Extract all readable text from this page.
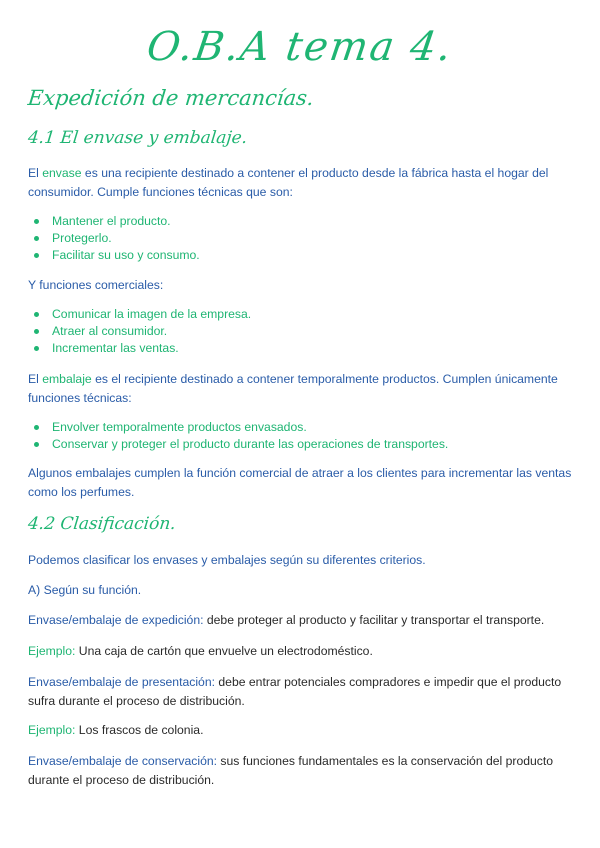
O.B.A tema 4.
Expedición de mercancías.
4.1 El envase y embalaje.
El envase es una recipiente destinado a contener el producto desde la fábrica hasta el hogar del consumidor. Cumple funciones técnicas que son:
Mantener el producto.
Protegerlo.
Facilitar su uso y consumo.
Y funciones comerciales:
Comunicar la imagen de la empresa.
Atraer al consumidor.
Incrementar las ventas.
El embalaje es el recipiente destinado a contener temporalmente productos. Cumplen únicamente funciones técnicas:
Envolver temporalmente productos envasados.
Conservar y proteger el producto durante las operaciones de transportes.
Algunos embalajes cumplen la función comercial de atraer a los clientes para incrementar las ventas como los perfumes.
4.2 Clasificación.
Podemos clasificar los envases y embalajes según su diferentes criterios.
A) Según su función.
Envase/embalaje de expedición: debe proteger al producto y facilitar y transportar el transporte.
Ejemplo: Una caja de cartón que envuelve un electrodoméstico.
Envase/embalaje de presentación: debe entrar potenciales compradores e impedir que el producto sufra durante el proceso de distribución.
Ejemplo: Los frascos de colonia.
Envase/embalaje de conservación: sus funciones fundamentales es la conservación del producto durante el proceso de distribución.
